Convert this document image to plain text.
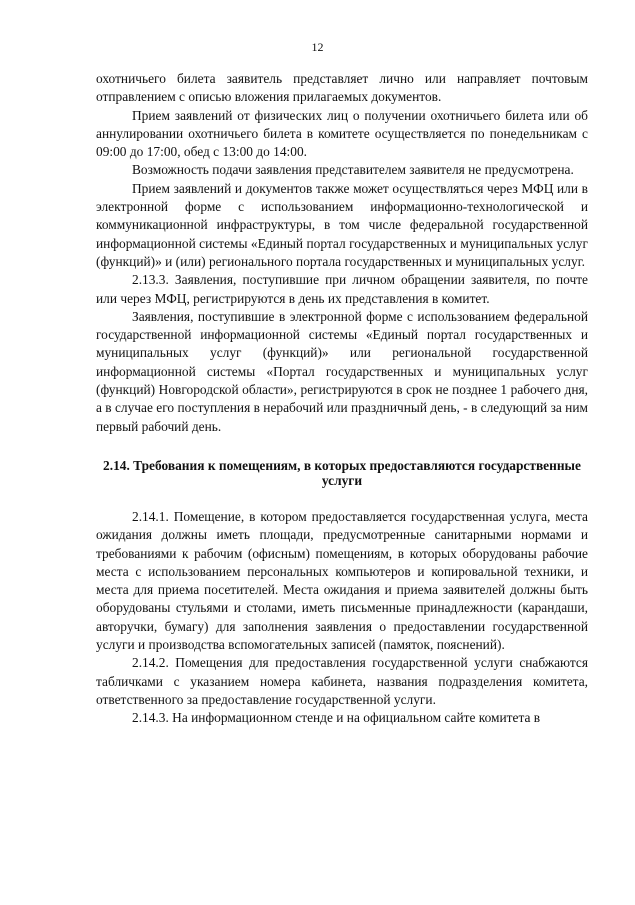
12

охотничьего билета заявитель представляет лично или направляет почтовым отправлением с описью вложения прилагаемых документов.

Прием заявлений от физических лиц о получении охотничьего билета или об аннулировании охотничьего билета в комитете осуществляется по понедельникам с 09:00 до 17:00, обед с 13:00 до 14:00.

Возможность подачи заявления представителем заявителя не предусмотрена.

Прием заявлений и документов также может осуществляться через МФЦ или в электронной форме с использованием информационно-технологической и коммуникационной инфраструктуры, в том числе федеральной государственной информационной системы «Единый портал государственных и муниципальных услуг (функций)» и (или) регионального портала государственных и муниципальных услуг.

2.13.3. Заявления, поступившие при личном обращении заявителя, по почте или через МФЦ, регистрируются в день их представления в комитет.

Заявления, поступившие в электронной форме с использованием федеральной государственной информационной системы «Единый портал государственных и муниципальных услуг (функций)» или региональной государственной информационной системы «Портал государственных и муниципальных услуг (функций) Новгородской области», регистрируются в срок не позднее 1 рабочего дня, а в случае его поступления в нерабочий или праздничный день, - в следующий за ним первый рабочий день.

2.14. Требования к помещениям, в которых предоставляются государственные услуги

2.14.1. Помещение, в котором предоставляется государственная услуга, места ожидания должны иметь площади, предусмотренные санитарными нормами и требованиями к рабочим (офисным) помещениям, в которых оборудованы рабочие места с использованием персональных компьютеров и копировальной техники, и места для приема посетителей. Места ожидания и приема заявителей должны быть оборудованы стульями и столами, иметь письменные принадлежности (карандаши, авторучки, бумагу) для заполнения заявления о предоставлении государственной услуги и производства вспомогательных записей (памяток, пояснений).

2.14.2. Помещения для предоставления государственной услуги снабжаются табличками с указанием номера кабинета, названия подразделения комитета, ответственного за предоставление государственной услуги.

2.14.3. На информационном стенде и на официальном сайте комитета в
